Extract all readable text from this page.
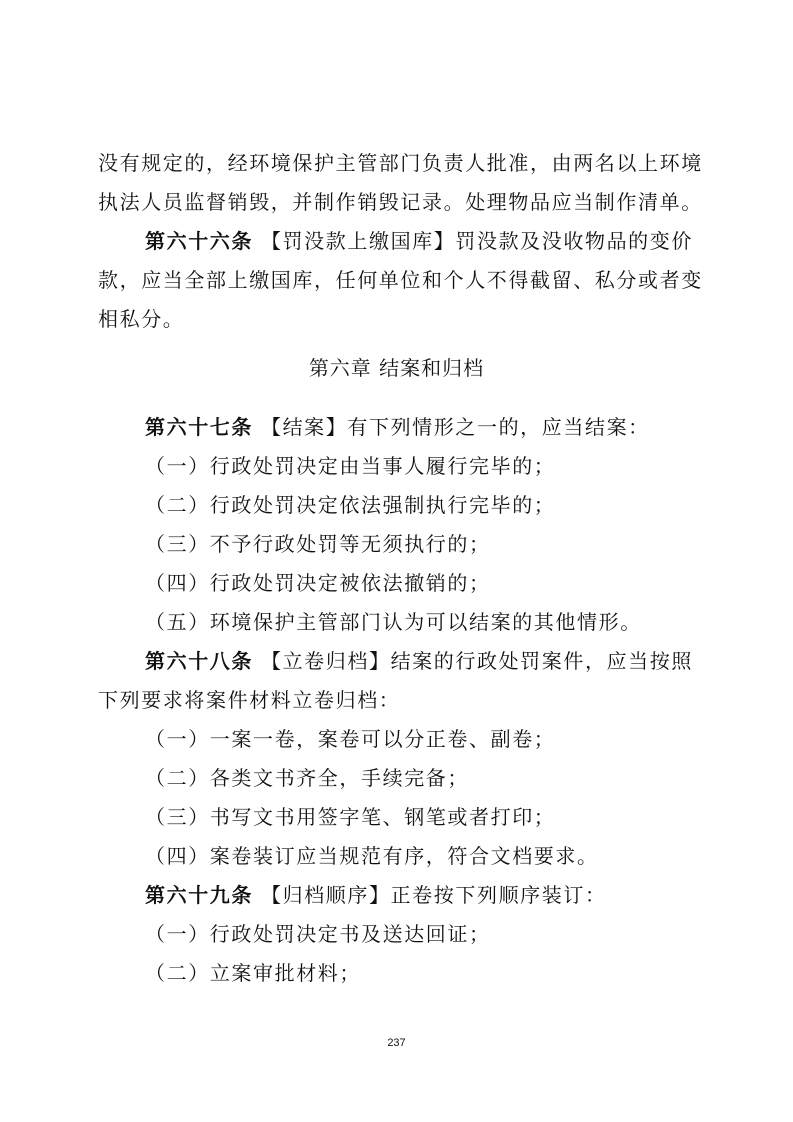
没有规定的，经环境保护主管部门负责人批准，由两名以上环境
执法人员监督销毁，并制作销毁记录。处理物品应当制作清单。
第六十六条 【罚没款上缴国库】罚没款及没收物品的变价
款，应当全部上缴国库，任何单位和个人不得截留、私分或者变
相私分。
第六章 结案和归档
第六十七条 【结案】有下列情形之一的，应当结案：
（一）行政处罚决定由当事人履行完毕的；
（二）行政处罚决定依法强制执行完毕的；
（三）不予行政处罚等无须执行的；
（四）行政处罚决定被依法撤销的；
（五）环境保护主管部门认为可以结案的其他情形。
第六十八条 【立卷归档】结案的行政处罚案件，应当按照
下列要求将案件材料立卷归档：
（一）一案一卷，案卷可以分正卷、副卷；
（二）各类文书齐全，手续完备；
（三）书写文书用签字笔、钢笔或者打印；
（四）案卷装订应当规范有序，符合文档要求。
第六十九条 【归档顺序】正卷按下列顺序装订：
（一）行政处罚决定书及送达回证；
（二）立案审批材料；
237
